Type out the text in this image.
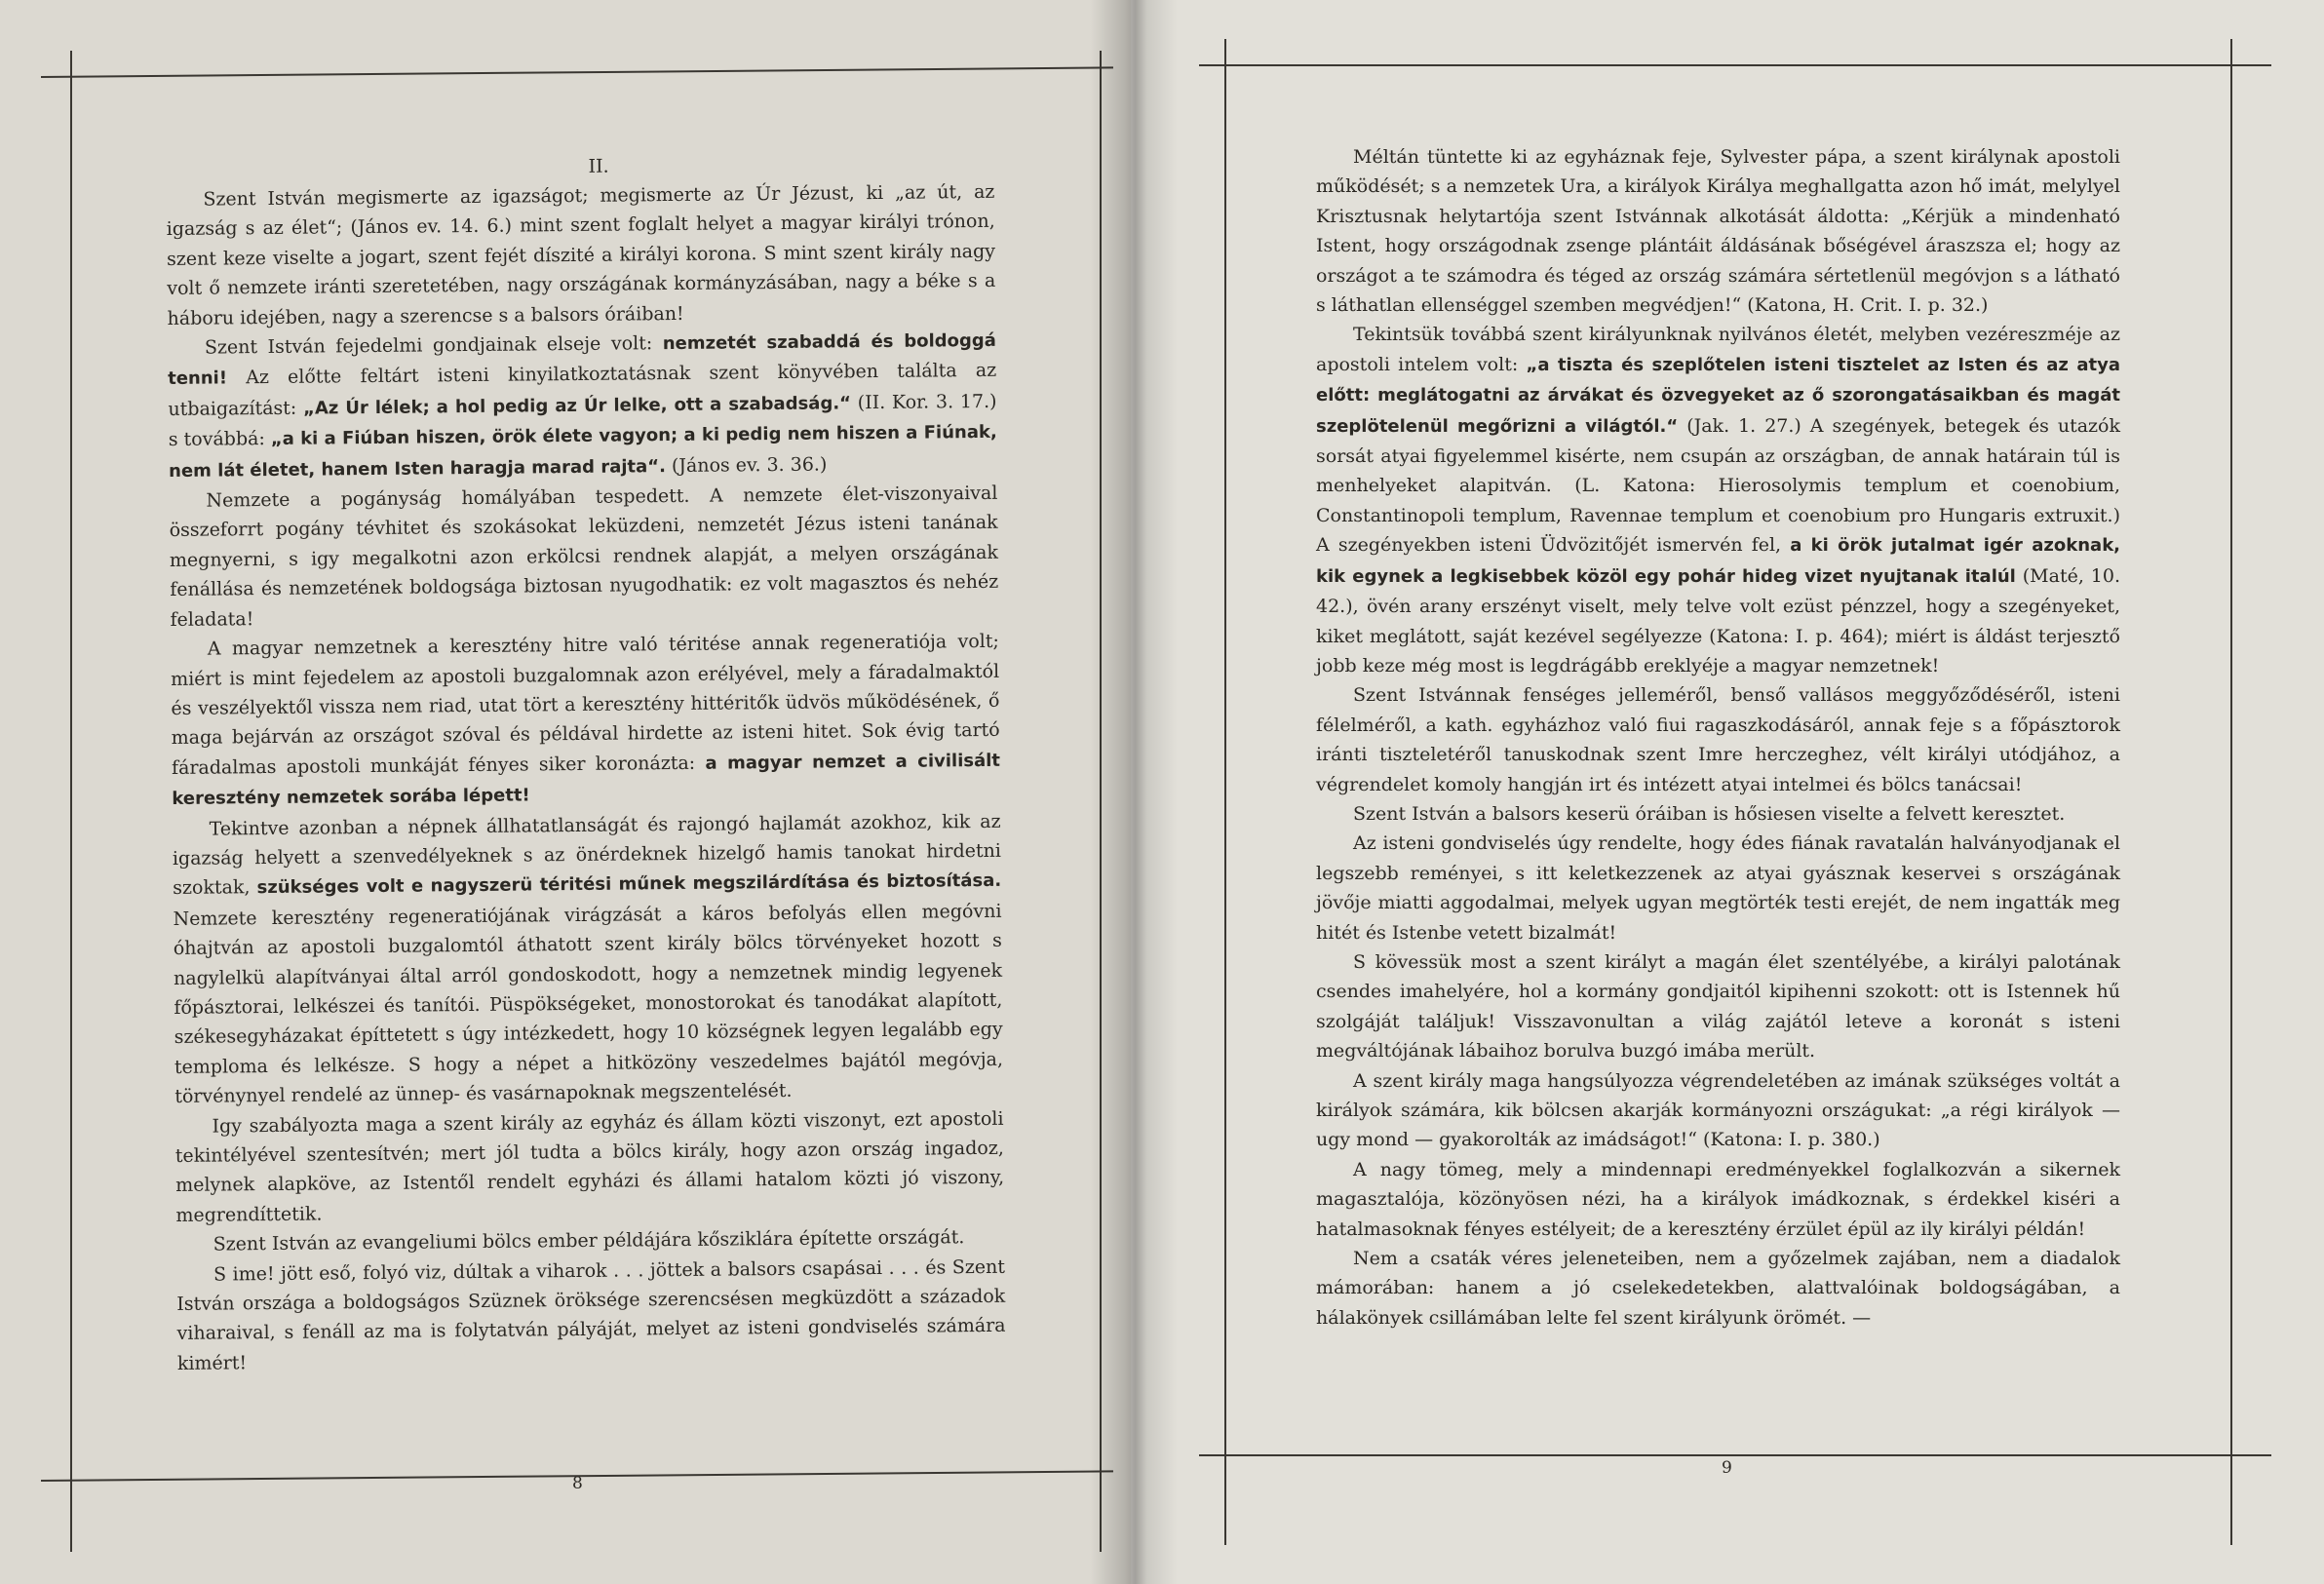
II.

Szent István megismerte az igazságot; megismerte az Úr Jézust, ki „az út, az igazság s az élet“; (János ev. 14. 6.) mint szent foglalt helyet a magyar királyi trónon, szent keze viselte a jogart, szent fejét díszité a királyi korona. S mint szent király nagy volt ő nemzete iránti szeretetében, nagy országának kormányzásában, nagy a béke s a háboru idejében, nagy a szerencse s a balsors óráiban!

Szent István fejedelmi gondjainak elseje volt: nemzetét szabaddá és boldoggá tenni! Az előtte feltárt isteni kinyilatkoztatásnak szent könyvében találta az utbaigazítást: „Az Úr lélek; a hol pedig az Úr lelke, ott a szabadság.“ (II. Kor. 3. 17.) s továbbá: „a ki a Fiúban hiszen, örök élete vagyon; a ki pedig nem hiszen a Fiúnak, nem lát életet, hanem Isten haragja marad rajta“. (János ev. 3. 36.)

Nemzete a pogányság homályában tespedett. A nemzete élet-viszonyaival összeforrt pogány tévhitet és szokásokat leküzdeni, nemzetét Jézus isteni tanának megnyerni, s igy megalkotni azon erkölcsi rendnek alapját, a melyen országának fenállása és nemzetének boldogsága biztosan nyugodhatik: ez volt magasztos és nehéz feladata!

A magyar nemzetnek a keresztény hitre való téritése annak regeneratiója volt; miért is mint fejedelem az apostoli buzgalomnak azon erélyével, mely a fáradalmaktól és veszélyektől vissza nem riad, utat tört a keresztény hittéritők üdvös működésének, ő maga bejárván az országot szóval és példával hirdette az isteni hitet. Sok évig tartó fáradalmas apostoli munkáját fényes siker koronázta: a magyar nemzet a civilisált keresztény nemzetek sorába lépett!

Tekintve azonban a népnek állhatatlanságát és rajongó hajlamát azokhoz, kik az igazság helyett a szenvedélyeknek s az önérdeknek hizelgő hamis tanokat hirdetni szoktak, szükséges volt e nagyszerü téritési műnek megszilárdítása és biztosítása. Nemzete keresztény regeneratiójának virágzását a káros befolyás ellen megóvni óhajtván az apostoli buzgalomtól áthatott szent király bölcs törvényeket hozott s nagylelkü alapítványai által arról gondoskodott, hogy a nemzetnek mindig legyenek főpásztorai, lelkészei és tanítói. Püspökségeket, monostorokat és tanodákat alapított, székesegyházakat építtetett s úgy intézkedett, hogy 10 községnek legyen legalább egy temploma és lelkésze. S hogy a népet a hitközöny veszedelmes bajától megóvja, törvénynyel rendelé az ünnep- és vasárnapoknak megszentelését.

Igy szabályozta maga a szent király az egyház és állam közti viszonyt, ezt apostoli tekintélyével szentesítvén; mert jól tudta a bölcs király, hogy azon ország ingadoz, melynek alapköve, az Istentől rendelt egyházi és állami hatalom közti jó viszony, megrendíttetik.

Szent István az evangeliumi bölcs ember példájára kősziklára építette országát.

S ime! jött eső, folyó viz, dúltak a viharok . . . jöttek a balsors csapásai . . . és Szent István országa a boldogságos Szüznek öröksége szerencsésen megküzdött a századok viharaival, s fenáll az ma is folytatván pályáját, melyet az isteni gondviselés számára kimért!

8

Méltán tüntette ki az egyháznak feje, Sylvester pápa, a szent királynak apostoli működését; s a nemzetek Ura, a királyok Királya meghallgatta azon hő imát, melylyel Krisztusnak helytartója szent Istvánnak alkotását áldotta: „Kérjük a mindenható Istent, hogy országodnak zsenge plántáit áldásának bőségével áraszsza el; hogy az országot a te számodra és téged az ország számára sértetlenül megóvjon s a látható s láthatlan ellenséggel szemben megvédjen!“ (Katona, H. Crit. I. p. 32.)

Tekintsük továbbá szent királyunknak nyilvános életét, melyben vezéreszméje az apostoli intelem volt: „a tiszta és szeplőtelen isteni tisztelet az Isten és az atya előtt: meglátogatni az árvákat és özvegyeket az ő szorongatásaikban és magát szeplötelenül megőrizni a világtól.“ (Jak. 1. 27.) A szegények, betegek és utazók sorsát atyai figyelemmel kisérte, nem csupán az országban, de annak határain túl is menhelyeket alapitván. (L. Katona: Hierosolymis templum et coenobium, Constantinopoli templum, Ravennae templum et coenobium pro Hungaris extruxit.) A szegényekben isteni Üdvözitőjét ismervén fel, a ki örök jutalmat igér azoknak, kik egynek a legkisebbek közöl egy pohár hideg vizet nyujtanak italúl (Maté, 10. 42.), övén arany erszényt viselt, mely telve volt ezüst pénzzel, hogy a szegényeket, kiket meglátott, saját kezével segélyezze (Katona: I. p. 464); miért is áldást terjesztő jobb keze még most is legdrágább ereklyéje a magyar nemzetnek!

Szent Istvánnak fenséges jelleméről, benső vallásos meggyőződéséről, isteni félelméről, a kath. egyházhoz való fiui ragaszkodásáról, annak feje s a főpásztorok iránti tiszteletéről tanuskodnak szent Imre herczeghez, vélt királyi utódjához, a végrendelet komoly hangján irt és intézett atyai intelmei és bölcs tanácsai!

Szent István a balsors keserü óráiban is hősiesen viselte a felvett keresztet.

Az isteni gondviselés úgy rendelte, hogy édes fiának ravatalán halványodjanak el legszebb reményei, s itt keletkezzenek az atyai gyásznak keservei s országának jövője miatti aggodalmai, melyek ugyan megtörték testi erejét, de nem ingatták meg hitét és Istenbe vetett bizalmát!

S kövessük most a szent királyt a magán élet szentélyébe, a királyi palotának csendes imahelyére, hol a kormány gondjaitól kipihenni szokott: ott is Istennek hű szolgáját találjuk! Visszavonultan a világ zajától leteve a koronát s isteni megváltójának lábaihoz borulva buzgó imába merült.

A szent király maga hangsúlyozza végrendeletében az imának szükséges voltát a királyok számára, kik bölcsen akarják kormányozni országukat: „a régi királyok — ugy mond — gyakorolták az imádságot!“ (Katona: I. p. 380.)

A nagy tömeg, mely a mindennapi eredményekkel foglalkozván a sikernek magasztalója, közönyösen nézi, ha a királyok imádkoznak, s érdekkel kiséri a hatalmasoknak fényes estélyeit; de a keresztény érzület épül az ily királyi példán!

Nem a csaták véres jeleneteiben, nem a győzelmek zajában, nem a diadalok mámorában: hanem a jó cselekedetekben, alattvalóinak boldogságában, a hálakönyek csillámában lelte fel szent királyunk örömét. —

9
